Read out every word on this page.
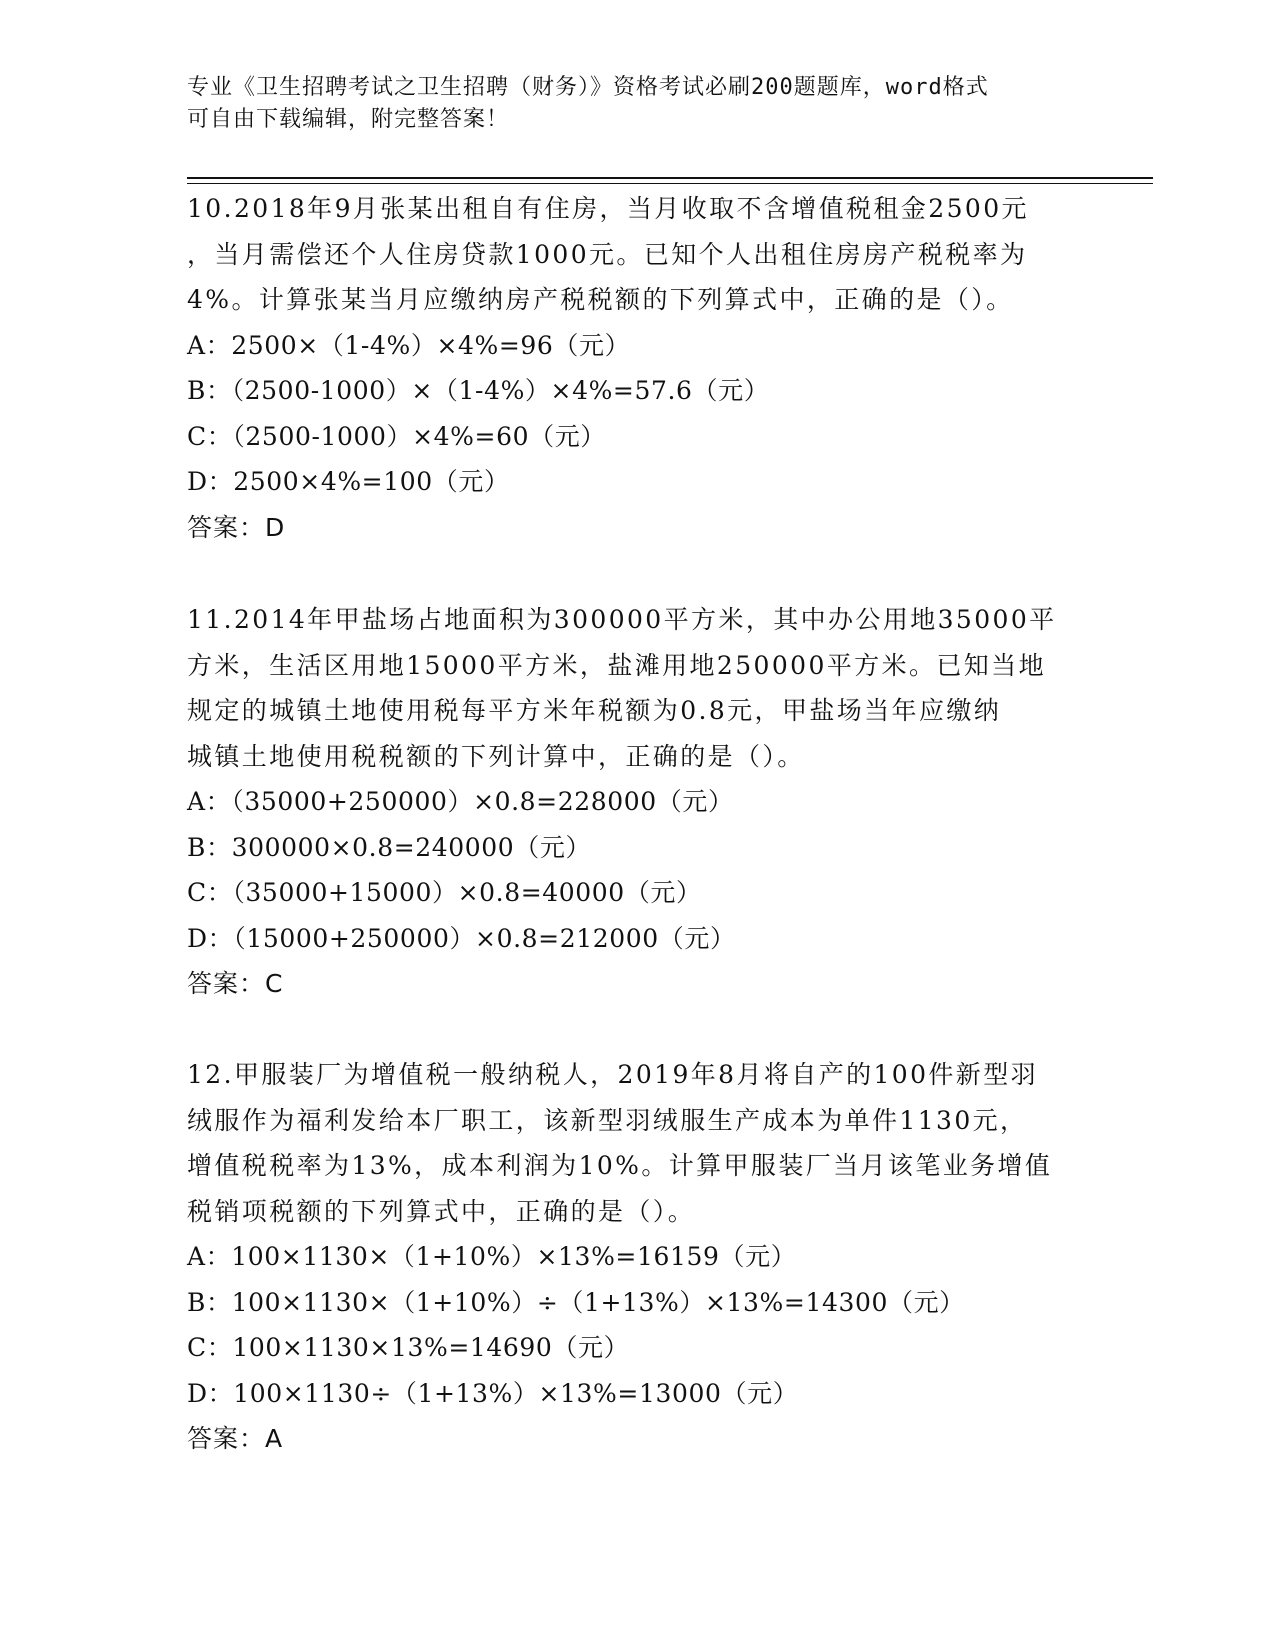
专业《卫生招聘考试之卫生招聘（财务）》资格考试必刷200题题库，word格式
可自由下载编辑，附完整答案！
10.2018年9月张某出租自有住房，当月收取不含增值税租金2500元
，当月需偿还个人住房贷款1000元。已知个人出租住房房产税税率为
4%。计算张某当月应缴纳房产税税额的下列算式中，正确的是（）。
A：2500×（1-4%）×4%=96（元）
B：（2500-1000）×（1-4%）×4%=57.6（元）
C：（2500-1000）×4%=60（元）
D：2500×4%=100（元）
答案：D
11.2014年甲盐场占地面积为300000平方米，其中办公用地35000平
方米，生活区用地15000平方米，盐滩用地250000平方米。已知当地
规定的城镇土地使用税每平方米年税额为0.8元，甲盐场当年应缴纳
城镇土地使用税税额的下列计算中，正确的是（）。
A：（35000+250000）×0.8=228000（元）
B：300000×0.8=240000（元）
C：（35000+15000）×0.8=40000（元）
D：（15000+250000）×0.8=212000（元）
答案：C
12.甲服装厂为增值税一般纳税人，2019年8月将自产的100件新型羽
绒服作为福利发给本厂职工，该新型羽绒服生产成本为单件1130元，
增值税税率为13%，成本利润为10%。计算甲服装厂当月该笔业务增值
税销项税额的下列算式中，正确的是（）。
A：100×1130×（1+10%）×13%=16159（元）
B：100×1130×（1+10%）÷（1+13%）×13%=14300（元）
C：100×1130×13%=14690（元）
D：100×1130÷（1+13%）×13%=13000（元）
答案：A
